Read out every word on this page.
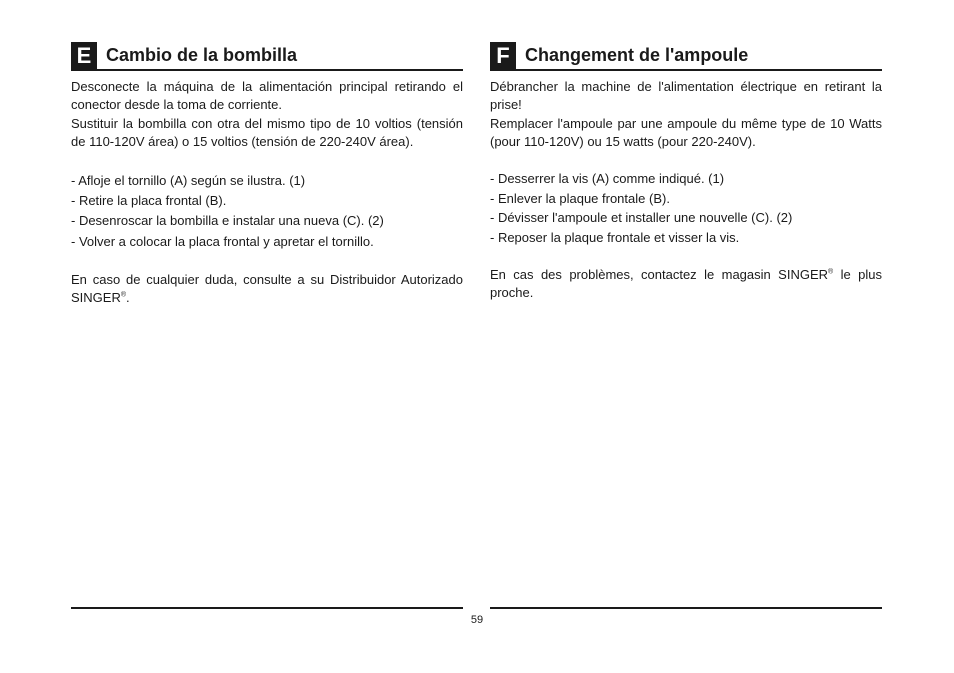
E Cambio de la bombilla

Desconecte la máquina de la alimentación principal retirando el conector desde la toma de corriente.

Sustituir la bombilla con otra del mismo tipo de 10 voltios (tensión de 110-120V área) o 15 voltios (tensión de 220-240V área).

- Afloje el tornillo (A) según se ilustra. (1)
- Retire la placa frontal (B).
- Desenroscar la bombilla e instalar una nueva (C). (2)
- Volver a colocar la placa frontal y apretar el tornillo.

En caso de cualquier duda, consulte a su Distribuidor Autorizado SINGER®.

F Changement de l'ampoule

Débrancher la machine de l'alimentation électrique en retirant la prise!

Remplacer l'ampoule par une ampoule du même type de 10 Watts (pour 110-120V) ou 15 watts (pour 220-240V).

- Desserrer la vis (A) comme indiqué. (1)
- Enlever la plaque frontale (B).
- Dévisser l'ampoule et installer une nouvelle (C). (2)
- Reposer la plaque frontale et visser la vis.

En cas des problèmes, contactez le magasin SINGER® le plus proche.

59
